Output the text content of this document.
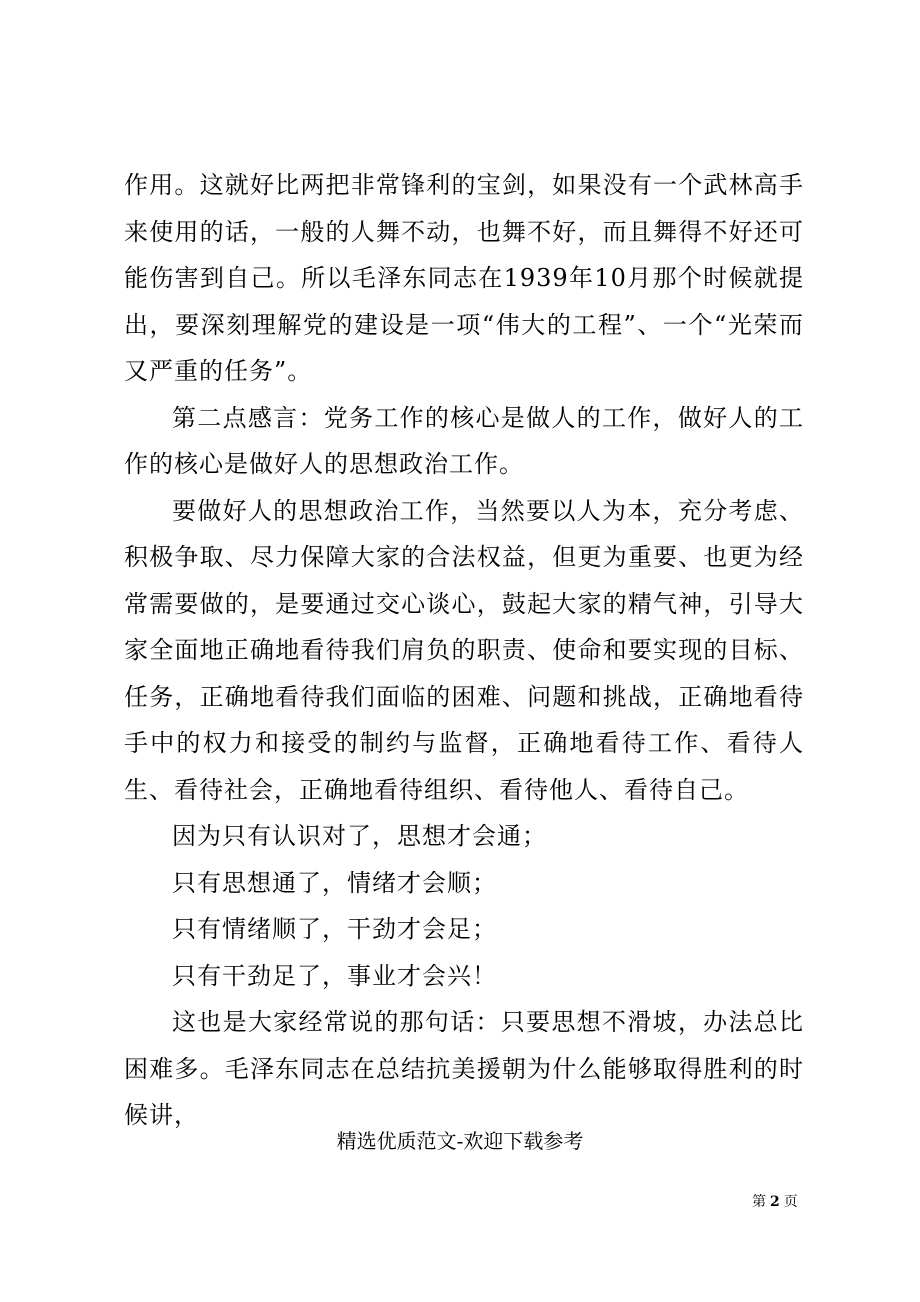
作用。这就好比两把非常锋利的宝剑，如果没有一个武林高手来使用的话，一般的人舞不动，也舞不好，而且舞得不好还可能伤害到自己。所以毛泽东同志在1939年10月那个时候就提出，要深刻理解党的建设是一项“伟大的工程”、一个“光荣而又严重的任务”。

第二点感言：党务工作的核心是做人的工作，做好人的工作的核心是做好人的思想政治工作。

要做好人的思想政治工作，当然要以人为本，充分考虑、积极争取、尽力保障大家的合法权益，但更为重要、也更为经常需要做的，是要通过交心谈心，鼓起大家的精气神，引导大家全面地正确地看待我们肩负的职责、使命和要实现的目标、任务，正确地看待我们面临的困难、问题和挑战，正确地看待手中的权力和接受的制约与监督，正确地看待工作、看待人生、看待社会，正确地看待组织、看待他人、看待自己。

因为只有认识对了，思想才会通；

只有思想通了，情绪才会顺；

只有情绪顺了，干劲才会足；

只有干劲足了，事业才会兴！

这也是大家经常说的那句话：只要思想不滑坡，办法总比困难多。毛泽东同志在总结抗美援朝为什么能够取得胜利的时候讲，

精选优质范文-欢迎下载参考
第 2 页
